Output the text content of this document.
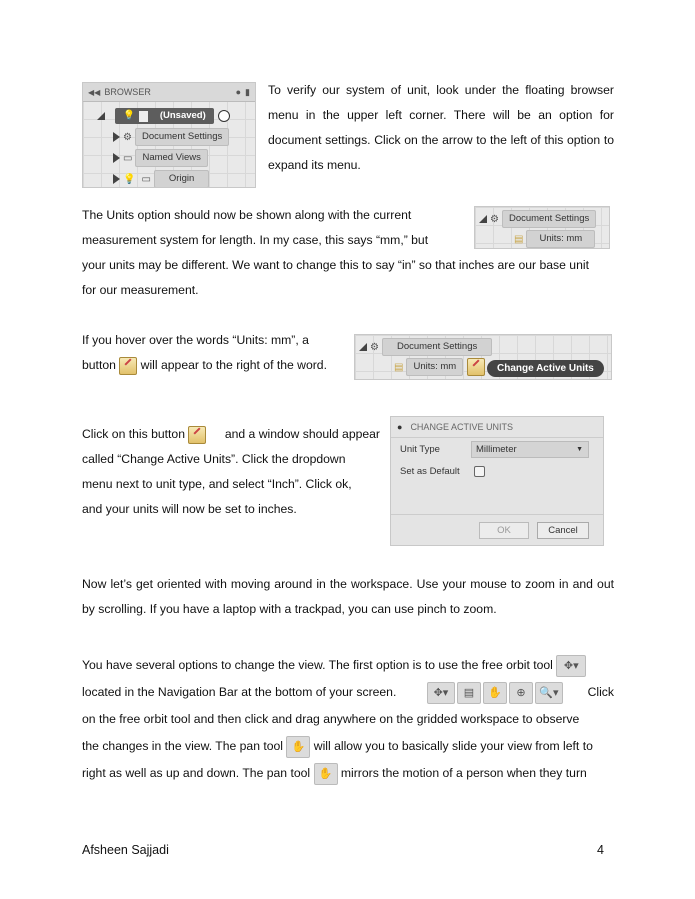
◀◀ BROWSER	● ▮
💡	(Unsaved)
⚙	Document Settings
▭	Named Views
💡 ▭	Origin
To verify our system of unit, look under the floating browser menu in the upper left corner. There will be an option for document settings. Click on the arrow to the left of this option to expand its menu.
The Units option should now be shown along with the current
measurement system for length. In my case, this says “mm,” but
your units may be different. We want to change this to say “in” so that inches are our base unit
for our measurement.
⚙	Document Settings
▤	Units: mm
If you hover over the words “Units: mm”, a
button will appear to the right of the word.
⚙	Document Settings
▤	Units: mm	Change Active Units
Click on this button	and a window should appear
called “Change Active Units”. Click the dropdown
menu next to unit type, and select “Inch”. Click ok,
and your units will now be set to inches.
● CHANGE ACTIVE UNITS
Unit Type	Millimeter	▼
Set as Default
OK	Cancel
Now let’s get oriented with moving around in the workspace. Use your mouse to zoom in and out by scrolling. If you have a laptop with a trackpad, you can use pinch to zoom.
You have several options to change the view. The first option is to use the free orbit tool ✥▾
located in the Navigation Bar at the bottom of your screen.	✥▾	▤	✋	⊕	🔍▾	Click
on the free orbit tool and then click and drag anywhere on the gridded workspace to observe
the changes in the view. The pan tool ✋ will allow you to basically slide your view from left to
right as well as up and down. The pan tool ✋ mirrors the motion of a person when they turn
Afsheen Sajjadi	4
